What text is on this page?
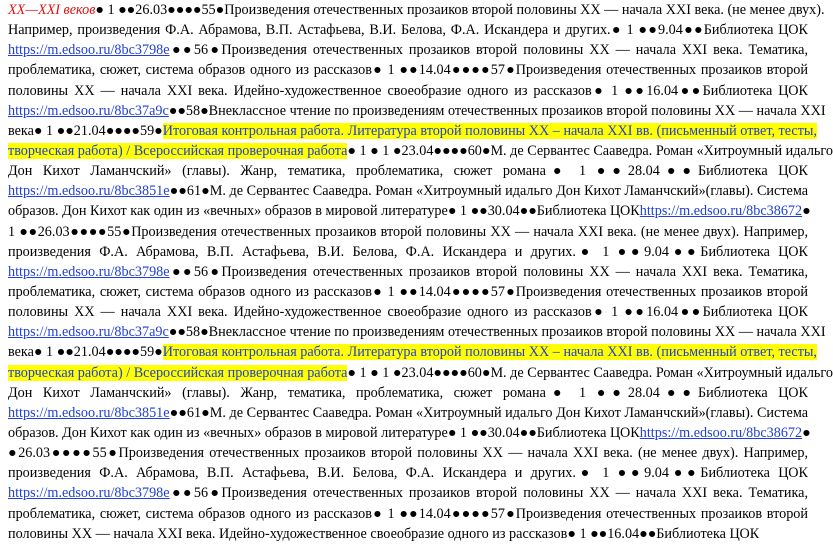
XX—XXI веков● 1 ●●26.03●●●●55●Произведения отечественных прозаиков второй половины XX — начала XXI века. (не менее двух).
Например, произведения Ф.А. Абрамова, В.П. Астафьева, В.И. Белова, Ф.А. Искандера и других.● 1 ●●9.04●●Библиотека ЦОК
https://m.edsoo.ru/8bc3798e●●56●Произведения отечественных прозаиков второй половины XX — начала XXI века. Тематика,
проблематика, сюжет, система образов одного из рассказов● 1 ●●14.04●●●●57●Произведения отечественных прозаиков второй
половины XX — начала XXI века. Идейно-художественное своеобразие одного из рассказов● 1 ●●16.04●●Библиотека ЦОК
https://m.edsoo.ru/8bc37a9c●●58●Внеклассное чтение по произведениям отечественных прозаиков второй половины XX — начала XXI
века● 1 ●●21.04●●●●59●Итоговая контрольная работа. Литература второй половины XX – начала XXI вв. (письменный ответ, тесты,
творческая работа) / Всероссийская проверочная работа● 1 ● 1 ●23.04●●●●60●М. де Сервантес Сааведра. Роман «Хитроумный идальго
Дон Кихот Ламанчский» (главы). Жанр, тематика, проблематика, сюжет романа● 1 ●●28.04●●Библиотека ЦОК
https://m.edsoo.ru/8bc3851e●●61●М. де Сервантес Сааведра. Роман «Хитроумный идальго Дон Кихот Ламанчский»(главы). Система
образов. Дон Кихот как один из «вечных» образов в мировой литературе● 1 ●●30.04●●Библиотека ЦОКhttps://m.edsoo.ru/8bc38672●
1 ●●26.03●●●●55●Произведения отечественных прозаиков второй половины XX — начала XXI века. (не менее двух). Например,
произведения Ф.А. Абрамова, В.П. Астафьева, В.И. Белова, Ф.А. Искандера и других.● 1 ●●9.04●●Библиотека ЦОК
https://m.edsoo.ru/8bc3798e●●56●Произведения отечественных прозаиков второй половины XX — начала XXI века. Тематика,
проблематика, сюжет, система образов одного из рассказов● 1 ●●14.04●●●●57●Произведения отечественных прозаиков второй
половины XX — начала XXI века. Идейно-художественное своеобразие одного из рассказов● 1 ●●16.04●●Библиотека ЦОК
https://m.edsoo.ru/8bc37a9c●●58●Внеклассное чтение по произведениям отечественных прозаиков второй половины XX — начала XXI
века● 1 ●●21.04●●●●59●Итоговая контрольная работа. Литература второй половины XX – начала XXI вв. (письменный ответ, тесты,
творческая работа) / Всероссийская проверочная работа● 1 ● 1 ●23.04●●●●60●М. де Сервантес Сааведра. Роман «Хитроумный идальго
Дон Кихот Ламанчский» (главы). Жанр, тематика, проблематика, сюжет романа● 1 ●●28.04●●Библиотека ЦОК
https://m.edsoo.ru/8bc3851e●●61●М. де Сервантес Сааведра. Роман «Хитроумный идальго Дон Кихот Ламанчский»(главы). Система
образов. Дон Кихот как один из «вечных» образов в мировой литературе● 1 ●●30.04●●Библиотека ЦОКhttps://m.edsoo.ru/8bc38672●
●26.03●●●●55●Произведения отечественных прозаиков второй половины XX — начала XXI века. (не менее двух). Например,
произведения Ф.А. Абрамова, В.П. Астафьева, В.И. Белова, Ф.А. Искандера и других.● 1 ●●9.04●●Библиотека ЦОК
https://m.edsoo.ru/8bc3798e●●56●Произведения отечественных прозаиков второй половины XX — начала XXI века. Тематика,
проблематика, сюжет, система образов одного из рассказов● 1 ●●14.04●●●●57●Произведения отечественных прозаиков второй
половины XX — начала XXI века. Идейно-художественное своеобразие одного из рассказов● 1 ●●16.04●●Библиотека ЦОК
